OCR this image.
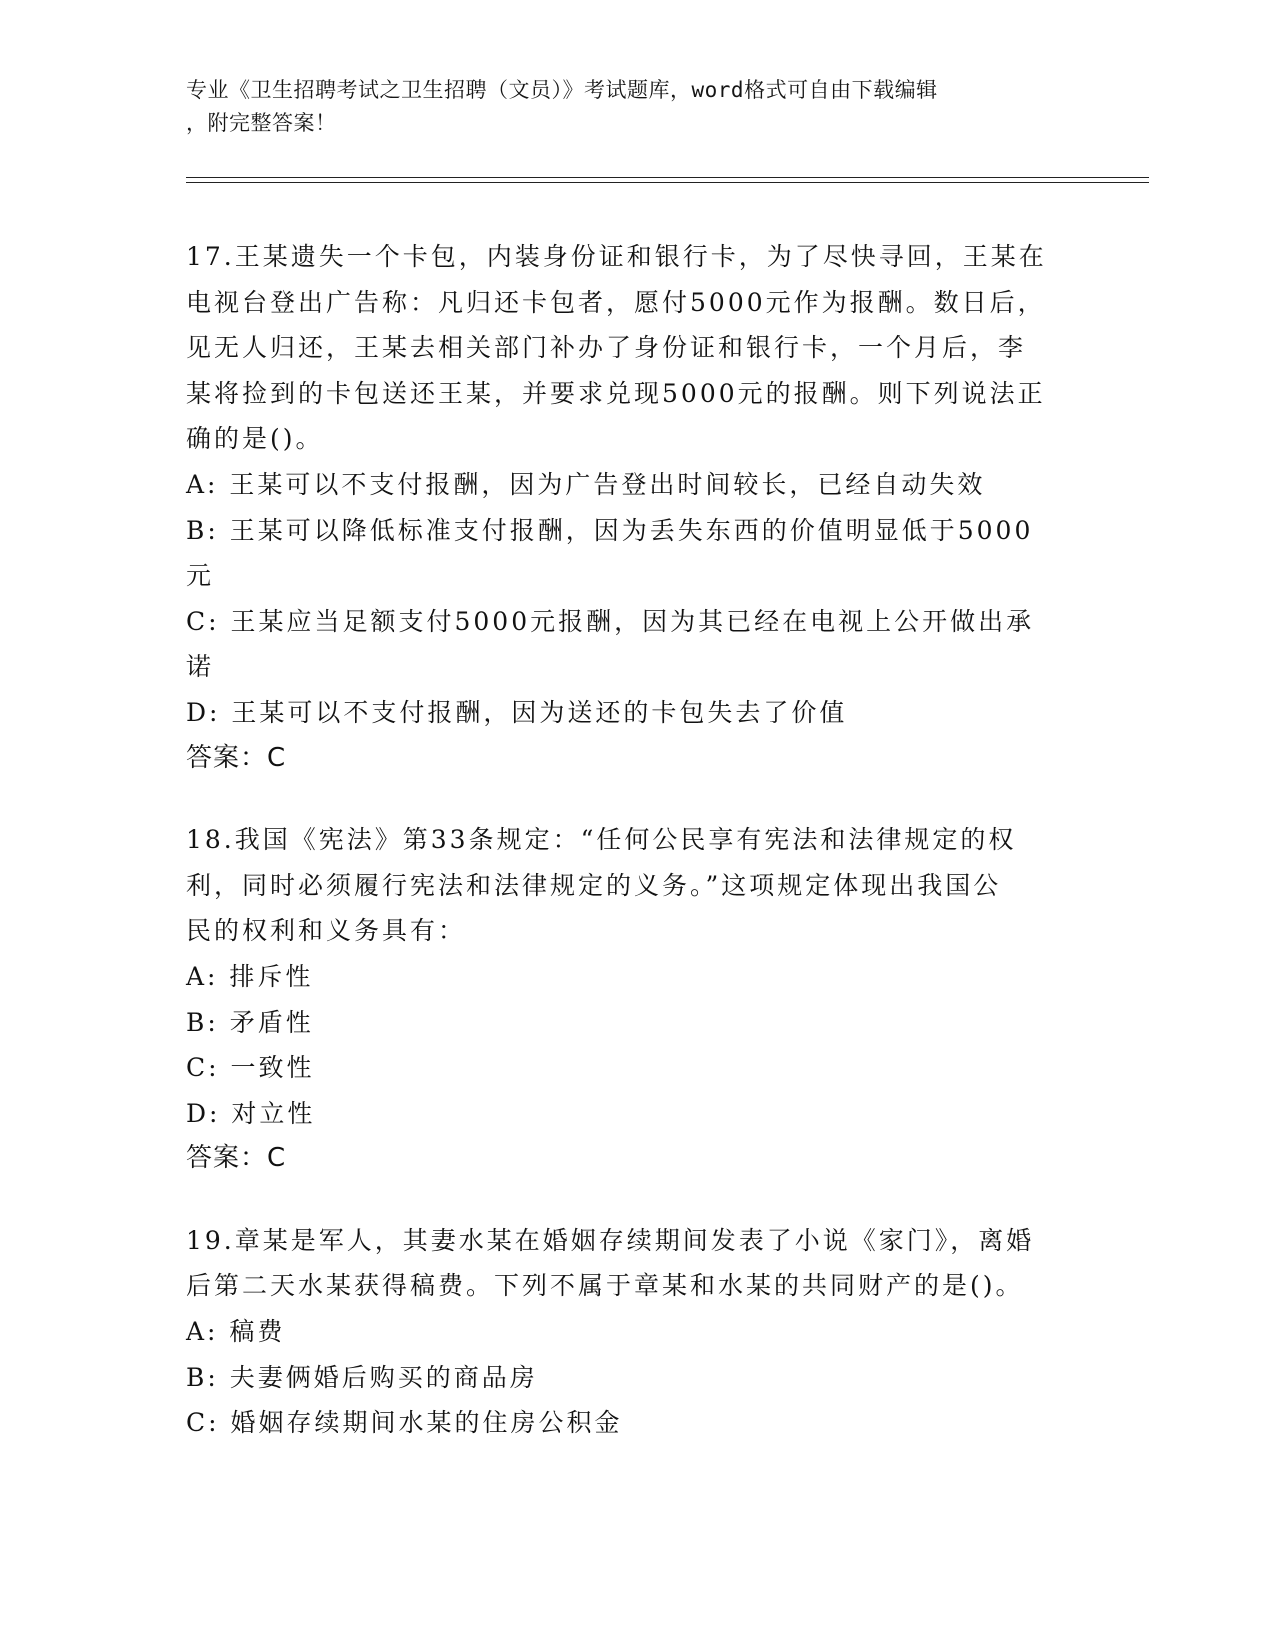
专业《卫生招聘考试之卫生招聘（文员）》考试题库，word格式可自由下载编辑
，附完整答案！
17.王某遗失一个卡包，内装身份证和银行卡，为了尽快寻回，王某在
电视台登出广告称：凡归还卡包者，愿付5000元作为报酬。数日后，
见无人归还，王某去相关部门补办了身份证和银行卡，一个月后，李
某将捡到的卡包送还王某，并要求兑现5000元的报酬。则下列说法正
确的是()。
A: 王某可以不支付报酬，因为广告登出时间较长，已经自动失效
B: 王某可以降低标准支付报酬，因为丢失东西的价值明显低于5000
元
C: 王某应当足额支付5000元报酬，因为其已经在电视上公开做出承
诺
D: 王某可以不支付报酬，因为送还的卡包失去了价值
答案：C
18.我国《宪法》第33条规定：“任何公民享有宪法和法律规定的权
利，同时必须履行宪法和法律规定的义务。”这项规定体现出我国公
民的权利和义务具有：
A: 排斥性
B: 矛盾性
C: 一致性
D: 对立性
答案：C
19.章某是军人，其妻水某在婚姻存续期间发表了小说《家门》，离婚
后第二天水某获得稿费。下列不属于章某和水某的共同财产的是()。
A: 稿费
B: 夫妻俩婚后购买的商品房
C: 婚姻存续期间水某的住房公积金
